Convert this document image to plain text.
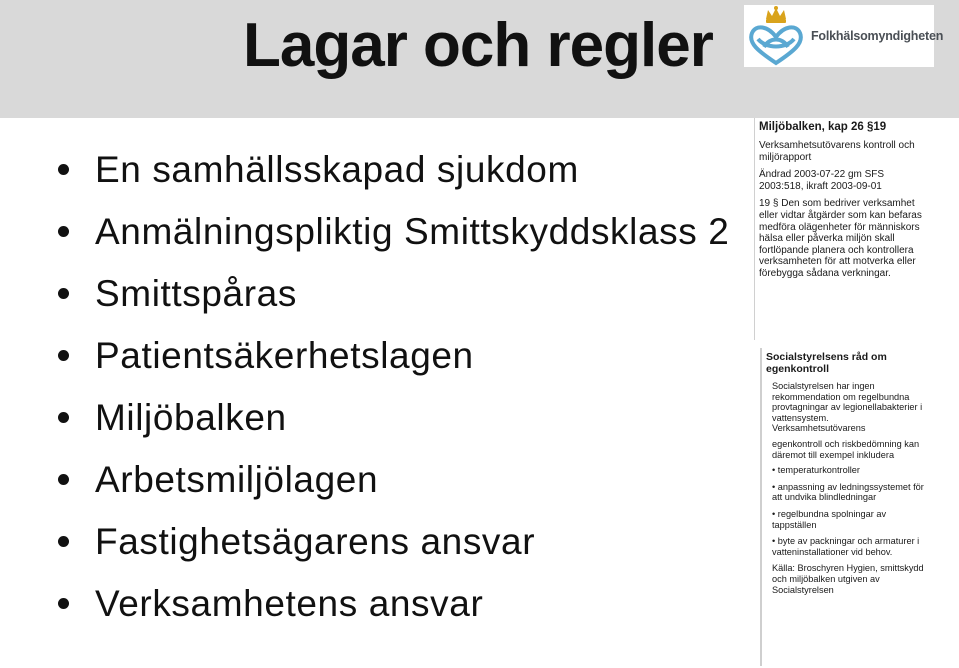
Lagar och regler	Folkhälsomyndigheten
En samhällsskapad sjukdom
Anmälningspliktig Smittskyddsklass 2
Smittspåras
Patientsäkerhetslagen
Miljöbalken
Arbetsmiljölagen
Fastighetsägarens ansvar
Verksamhetens ansvar
Miljöbalken, kap 26 §19

Verksamhetsutövarens kontroll och miljörapport

Ändrad 2003-07-22 gm SFS 2003:518, ikraft 2003-09-01

19 § Den som bedriver verksamhet eller vidtar åtgärder som kan befaras medföra olägenheter för människors hälsa eller påverka miljön skall fortlöpande planera och kontrollera verksamheten för att motverka eller förebygga sådana verkningar.

Socialstyrelsens råd om egenkontroll

Socialstyrelsen har ingen rekommendation om regelbundna provtagningar av legionellabakterier i vattensystem. Verksamhetsutövarens

egenkontroll och riskbedömning kan däremot till exempel inkludera

• temperaturkontroller
• anpassning av ledningssystemet för att undvika blindledningar
• regelbundna spolningar av tappställen
• byte av packningar och armaturer i vatteninstallationer vid behov.

Källa: Broschyren Hygien, smittskydd och miljöbalken utgiven av Socialstyrelsen
